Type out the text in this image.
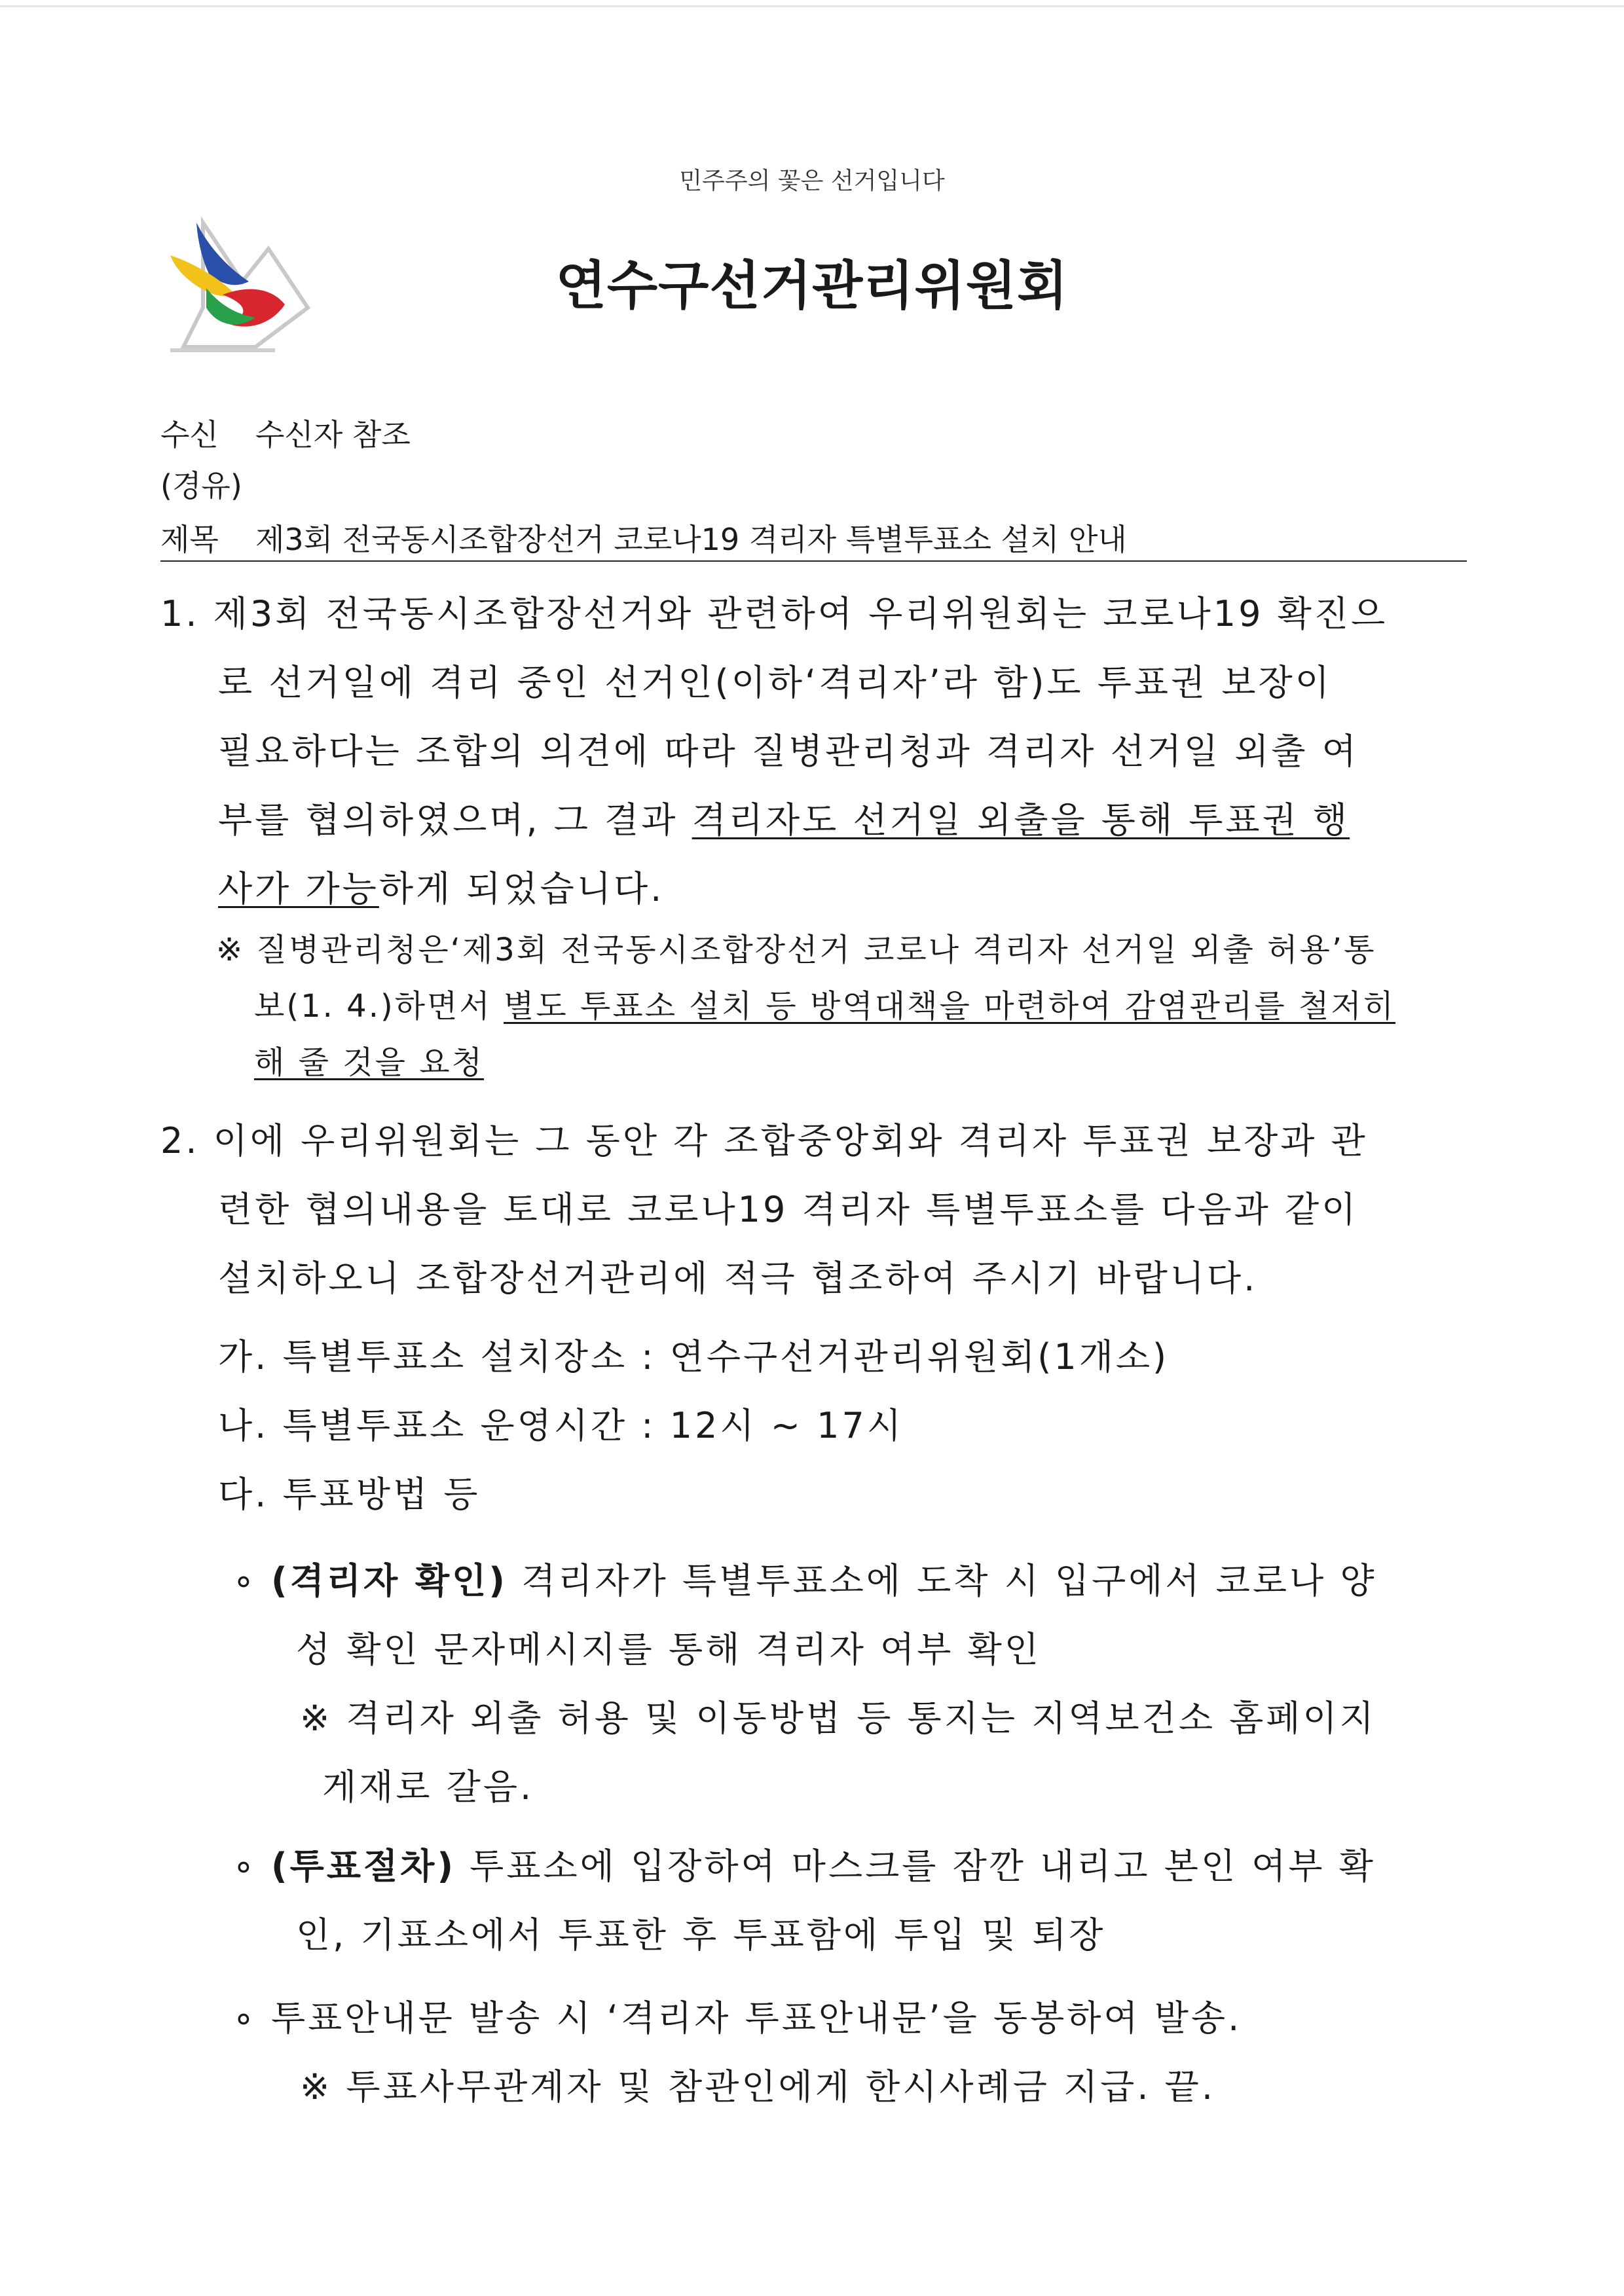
민주주의 꽃은 선거입니다
연수구선거관리위원회
수신 수신자 참조
(경유)
제목 제3회 전국동시조합장선거 코로나19 격리자 특별투표소 설치 안내
1. 제3회 전국동시조합장선거와 관련하여 우리위원회는 코로나19 확진으
로 선거일에 격리 중인 선거인(이하‘격리자’라 함)도 투표권 보장이
필요하다는 조합의 의견에 따라 질병관리청과 격리자 선거일 외출 여
부를 협의하였으며, 그 결과 격리자도 선거일 외출을 통해 투표권 행
사가 가능하게 되었습니다.
※ 질병관리청은‘제3회 전국동시조합장선거 코로나 격리자 선거일 외출 허용’통
보(1. 4.)하면서 별도 투표소 설치 등 방역대책을 마련하여 감염관리를 철저히
해 줄 것을 요청
2. 이에 우리위원회는 그 동안 각 조합중앙회와 격리자 투표권 보장과 관
련한 협의내용을 토대로 코로나19 격리자 특별투표소를 다음과 같이
설치하오니 조합장선거관리에 적극 협조하여 주시기 바랍니다.
가. 특별투표소 설치장소 : 연수구선거관리위원회(1개소)
나. 특별투표소 운영시간 : 12시 ~ 17시
다. 투표방법 등
∘ (격리자 확인) 격리자가 특별투표소에 도착 시 입구에서 코로나 양
성 확인 문자메시지를 통해 격리자 여부 확인
※ 격리자 외출 허용 및 이동방법 등 통지는 지역보건소 홈페이지
게재로 갈음.
∘ (투표절차) 투표소에 입장하여 마스크를 잠깐 내리고 본인 여부 확
인, 기표소에서 투표한 후 투표함에 투입 및 퇴장
∘ 투표안내문 발송 시 ‘격리자 투표안내문’을 동봉하여 발송.
※ 투표사무관계자 및 참관인에게 한시사례금 지급. 끝.
